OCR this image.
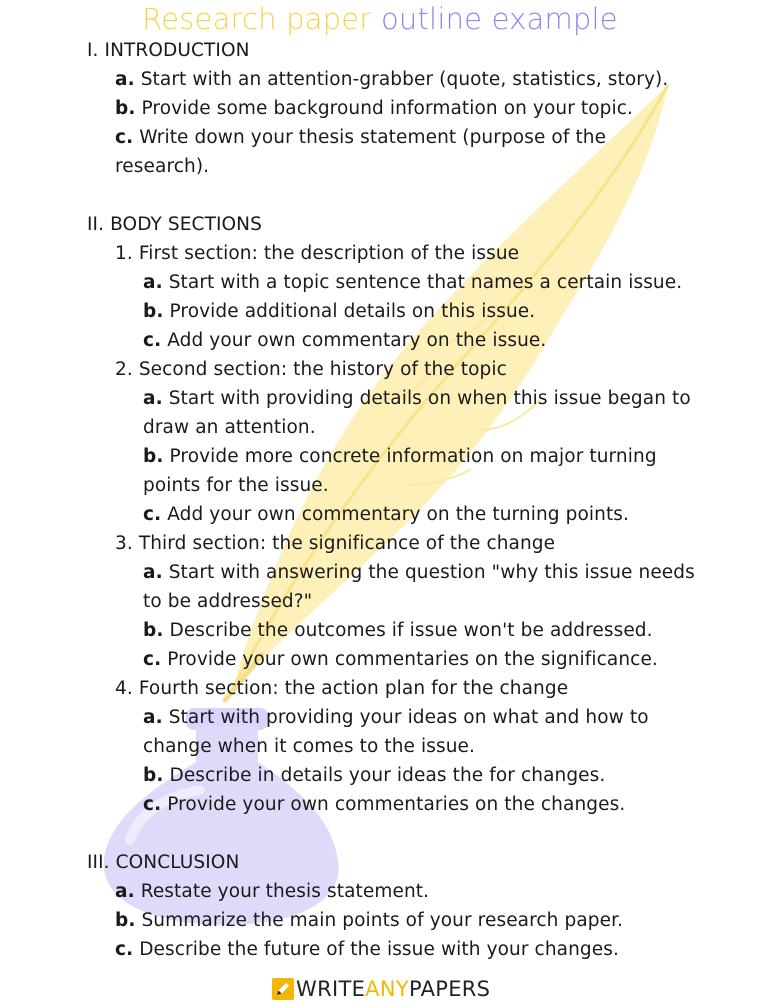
Research paper outline example
I. INTRODUCTION
a. Start with an attention-grabber (quote, statistics, story).
b. Provide some background information on your topic.
c. Write down your thesis statement (purpose of the
research).
II. BODY SECTIONS
1. First section: the description of the issue
a. Start with a topic sentence that names a certain issue.
b. Provide additional details on this issue.
c. Add your own commentary on the issue.
2. Second section: the history of the topic
a. Start with providing details on when this issue began to
draw an attention.
b. Provide more concrete information on major turning
points for the issue.
c. Add your own commentary on the turning points.
3. Third section: the significance of the change
a. Start with answering the question "why this issue needs
to be addressed?"
b. Describe the outcomes if issue won't be addressed.
c. Provide your own commentaries on the significance.
4. Fourth section: the action plan for the change
a. Start with providing your ideas on what and how to
change when it comes to the issue.
b. Describe in details your ideas the for changes.
c. Provide your own commentaries on the changes.
III. CONCLUSION
a. Restate your thesis statement.
b. Summarize the main points of your research paper.
c. Describe the future of the issue with your changes.
WRITE ANY PAPERS
